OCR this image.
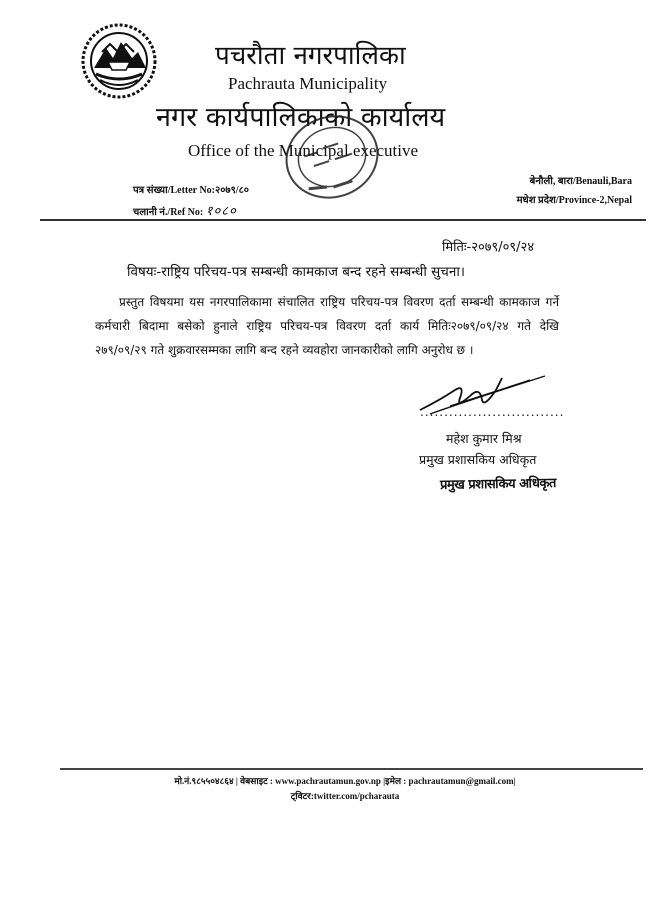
पचरौता नगरपालिका
Pachrauta Municipality
नगर कार्यपालिकाको कार्यालय
Office of the Municipal executive
पत्र संख्या/Letter No:२०७९/८०
चलानी नं./Ref No: १०८०
बेनौली, बारा/Benauli,Bara
मधेश प्रदेश/Province-2,Nepal
मितिः-२०७९/०९/२४
विषयः-राष्ट्रिय परिचय-पत्र सम्बन्धी कामकाज बन्द रहने सम्बन्धी सुचना।
प्रस्तुत विषयमा यस नगरपालिकामा संचालित राष्ट्रिय परिचय-पत्र विवरण दर्ता सम्बन्धी कामकाज गर्ने कर्मचारी बिदामा बसेको हुनाले राष्ट्रिय परिचय-पत्र विवरण दर्ता कार्य मितिः२०७९/०९/२४ गते देखि २७९/०९/२९ गते शुक्रवारसम्मका लागि बन्द रहने व्यवहोरा जानकारीको लागि अनुरोध छ ।
..............................
महेश कुमार मिश्र
प्रमुख प्रशासकिय अधिकृत
प्रमुख प्रशासकिय अधिकृत
मो.नं.९८५५०४८६४ | वेबसाइट : www.pachrautamun.gov.np |इमेल : pachrautamun@gmail.com|
ट्विटर:twitter.com/pcharauta
